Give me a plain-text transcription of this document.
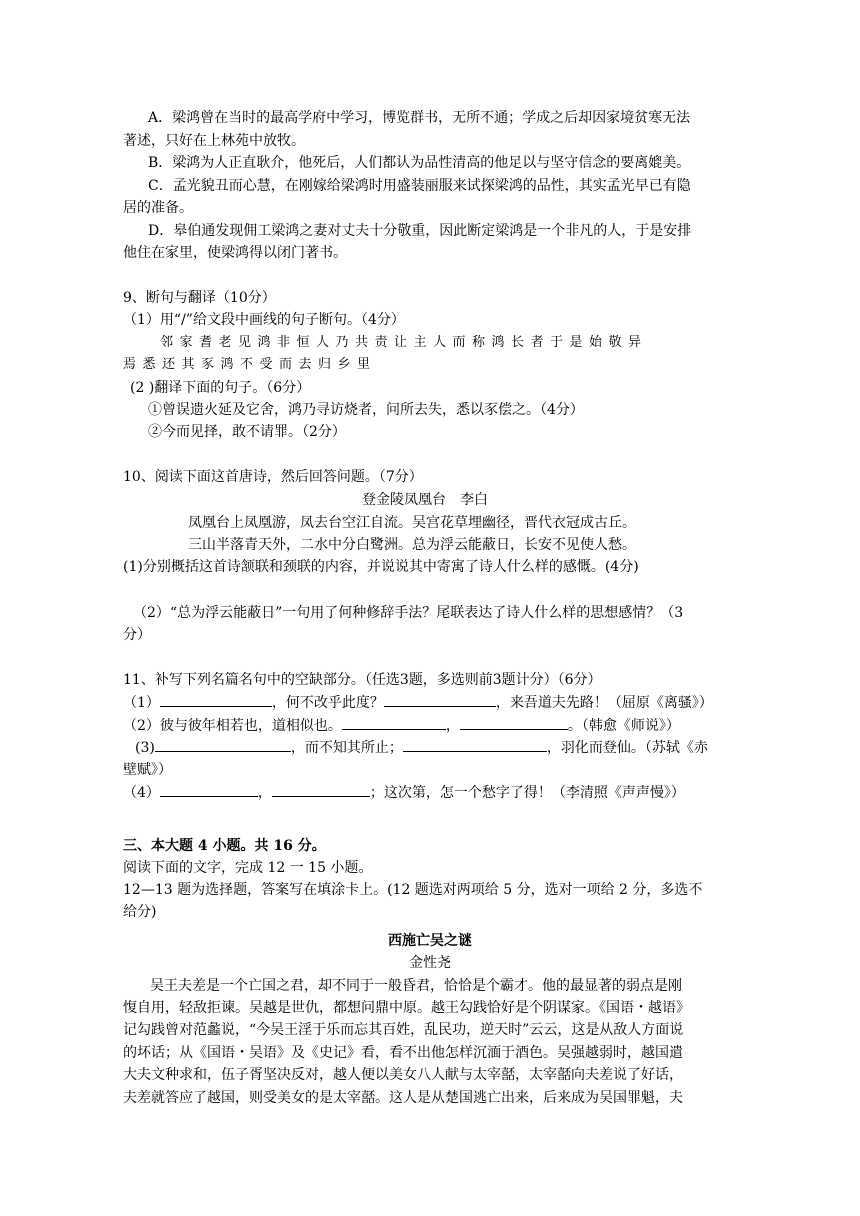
A．梁鸿曾在当时的最高学府中学习，博览群书，无所不通；学成之后却因家境贫寒无法
著述，只好在上林苑中放牧。
B．梁鸿为人正直耿介，他死后，人们都认为品性清高的他足以与坚守信念的要离媲美。
C．孟光貌丑而心慧，在刚嫁给梁鸿时用盛装丽服来试探梁鸿的品性，其实孟光早已有隐
居的准备。
D．皋伯通发现佣工梁鸿之妻对丈夫十分敬重，因此断定梁鸿是一个非凡的人，于是安排
他住在家里，使梁鸿得以闭门著书。
9、断句与翻译（10分）
（1）用“/”给文段中画线的句子断句。（4分）
邻家耆老见鸿非恒人乃共责让主人而称鸿长者于是始敬异
焉悉还其豕鸿不受而去归乡里
(2 )翻译下面的句子。（6分）
①曾误遗火延及它舍，鸿乃寻访烧者，问所去失，悉以豕偿之。（4分）
②今而见择，敢不请罪。（2分）
10、阅读下面这首唐诗，然后回答问题。（7分）
登金陵凤凰台　李白
凤凰台上凤凰游，凤去台空江自流。吴宫花草埋幽径，晋代衣冠成古丘。
三山半落青天外，二水中分白鹭洲。总为浮云能蔽日，长安不见使人愁。
(1)分别概括这首诗颔联和颈联的内容，并说说其中寄寓了诗人什么样的感慨。(4分)
（2）“总为浮云能蔽日”一句用了何种修辞手法？尾联表达了诗人什么样的思想感情？（3
分）
11、补写下列名篇名句中的空缺部分。（任选3题，多选则前3题计分）（6分）
（1）	，何不改乎此度？	，来吾道夫先路！（屈原《离骚》）
（2）彼与彼年相若也，道相似也。	，	。（韩愈《师说》）
(3)	，而不知其所止；	，羽化而登仙。（苏轼《赤
壁赋》）
（4）	，	；这次第，怎一个愁字了得！（李清照《声声慢》）
三、本大题 4 小题。共 16 分。
阅读下面的文字，完成 12 一 15 小题。
12—13 题为选择题，答案写在填涂卡上。(12 题选对两项给 5 分，选对一项给 2 分，多选不
给分)
西施亡吴之谜
金性尧
吴王夫差是一个亡国之君，却不同于一般昏君，恰恰是个霸才。他的最显著的弱点是刚
愎自用，轻敌拒谏。吴越是世仇，都想问鼎中原。越王勾践恰好是个阴谋家。《国语・越语》
记勾践曾对范蠡说，“今吴王淫于乐而忘其百姓，乱民功，逆天时”云云，这是从敌人方面说
的坏话；从《国语・吴语》及《史记》看，看不出他怎样沉湎于酒色。吴强越弱时，越国遣
大夫文种求和，伍子胥坚决反对，越人便以美女八人献与太宰嚭，太宰嚭向夫差说了好话，
夫差就答应了越国，则受美女的是太宰嚭。这人是从楚国逃亡出来，后来成为吴国罪魁，夫
